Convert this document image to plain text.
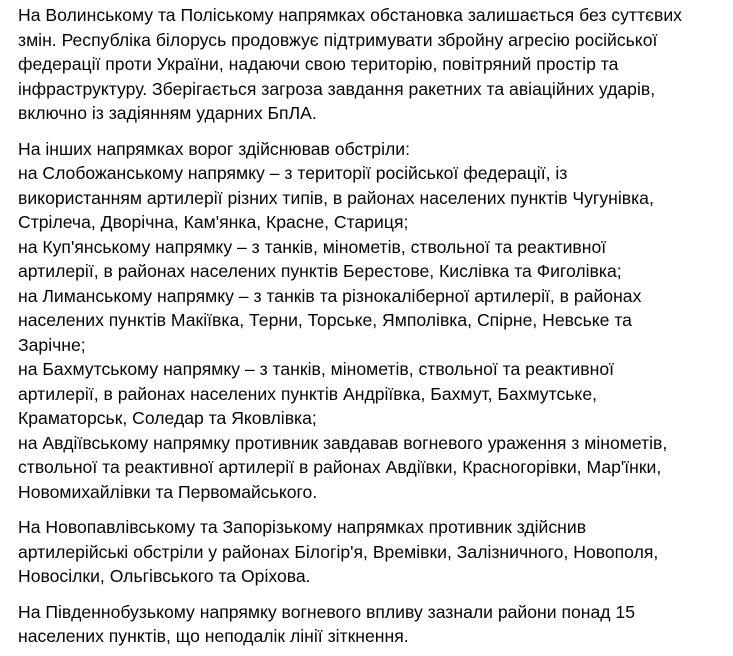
На Волинському та Поліському напрямках обстановка залишається без суттєвих
змін. Республіка білорусь продовжує підтримувати збройну агресію російської
федерації проти України, надаючи свою територію, повітряний простір та
інфраструктуру. Зберігається загроза завдання ракетних та авіаційних ударів,
включно із задіянням ударних БпЛА.

На інших напрямках ворог здійснював обстріли:
на Слобожанському напрямку – з території російської федерації, із
використанням артилерії різних типів, в районах населених пунктів Чугунівка,
Стрілеча, Дворічна, Кам'янка, Красне, Стариця;
на Куп'янському напрямку – з танків, мінометів, ствольної та реактивної
артилерії, в районах населених пунктів Берестове, Кислівка та Фиголівка;
на Лиманському напрямку – з танків та різнокаліберної артилерії, в районах
населених пунктів Макіївка, Терни, Торське, Ямполівка, Спірне, Невське та
Зарічне;
на Бахмутському напрямку – з танків, мінометів, ствольної та реактивної
артилерії, в районах населених пунктів Андріївка, Бахмут, Бахмутське,
Краматорськ, Соледар та Яковлівка;
на Авдіївському напрямку противник завдавав вогневого ураження з мінометів,
ствольної та реактивної артилерії в районах Авдіївки, Красногорівки, Мар'їнки,
Новомихайлівки та Первомайського.

На Новопавлівському та Запорізькому напрямках противник здійснив
артилерійські обстріли у районах Білогір'я, Времівки, Залізничного, Новополя,
Новосілки, Ольгівського та Оріхова.

На Південнобузькому напрямку вогневого впливу зазнали райони понад 15
населених пунктів, що неподалік лінії зіткнення.
